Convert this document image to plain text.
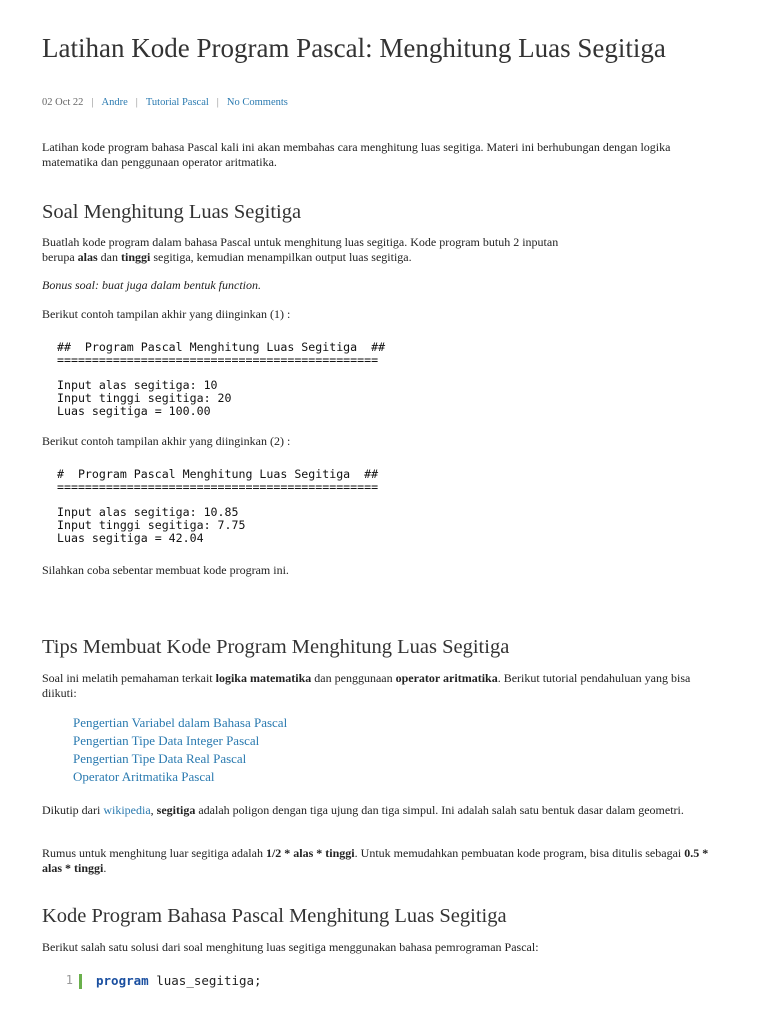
Latihan Kode Program Pascal: Menghitung Luas Segitiga
02 Oct 22 | Andre | Tutorial Pascal | No Comments

Latihan kode program bahasa Pascal kali ini akan membahas cara menghitung luas segitiga. Materi ini berhubungan dengan logika matematika dan penggunaan operator aritmatika.

Soal Menghitung Luas Segitiga

Buatlah kode program dalam bahasa Pascal untuk menghitung luas segitiga. Kode program butuh 2 inputan
berupa alas dan tinggi segitiga, kemudian menampilkan output luas segitiga.

Bonus soal: buat juga dalam bentuk function.

Berikut contoh tampilan akhir yang diinginkan (1) :

##  Program Pascal Menghitung Luas Segitiga  ##
==============================================

Input alas segitiga: 10
Input tinggi segitiga: 20
Luas segitiga = 100.00

Berikut contoh tampilan akhir yang diinginkan (2) :

#  Program Pascal Menghitung Luas Segitiga  ##
==============================================

Input alas segitiga: 10.85
Input tinggi segitiga: 7.75
Luas segitiga = 42.04

Silahkan coba sebentar membuat kode program ini.

Tips Membuat Kode Program Menghitung Luas Segitiga

Soal ini melatih pemahaman terkait logika matematika dan penggunaan operator aritmatika. Berikut tutorial pendahuluan yang bisa diikuti:

Pengertian Variabel dalam Bahasa Pascal
Pengertian Tipe Data Integer Pascal
Pengertian Tipe Data Real Pascal
Operator Aritmatika Pascal

Dikutip dari wikipedia, segitiga adalah poligon dengan tiga ujung dan tiga simpul. Ini adalah salah satu bentuk dasar dalam geometri.

Rumus untuk menghitung luar segitiga adalah 1/2 * alas * tinggi. Untuk memudahkan pembuatan kode program, bisa ditulis sebagai 0.5 * alas * tinggi.

Kode Program Bahasa Pascal Menghitung Luas Segitiga

Berikut salah satu solusi dari soal menghitung luas segitiga menggunakan bahasa pemrograman Pascal:

1 program luas_segitiga;
